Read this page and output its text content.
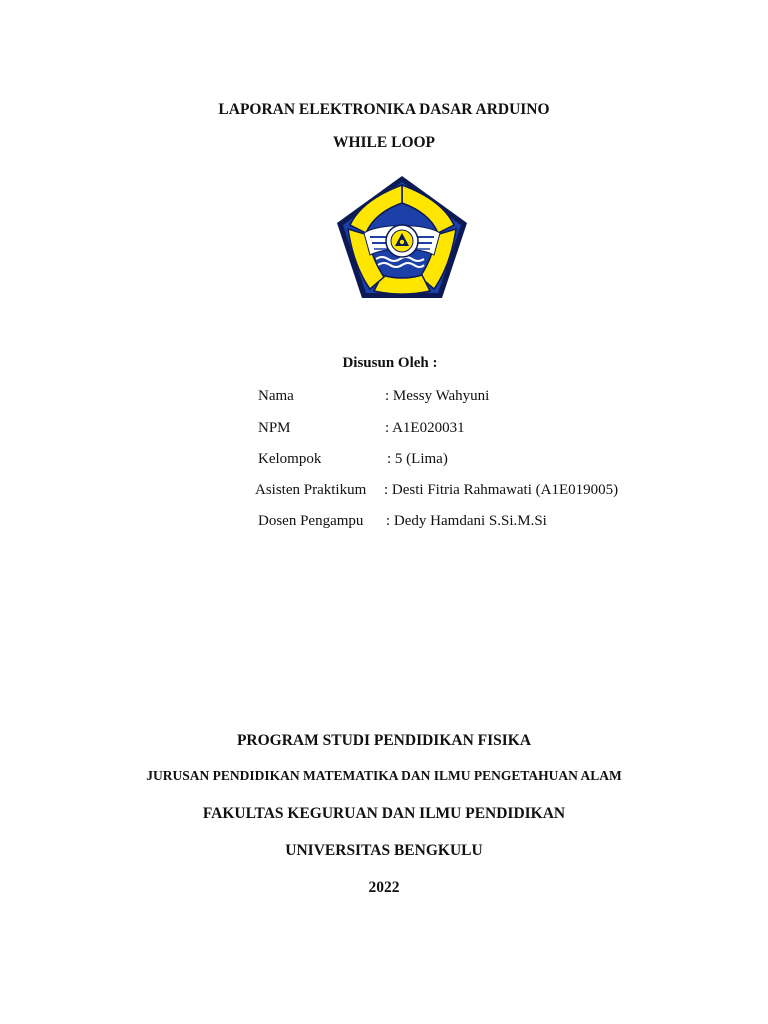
LAPORAN ELEKTRONIKA DASAR ARDUINO
WHILE LOOP
Disusun Oleh :
Nama	: Messy Wahyuni
NPM	: A1E020031
Kelompok	: 5 (Lima)
Asisten Praktikum : Desti Fitria Rahmawati (A1E019005)
Dosen Pengampu : Dedy Hamdani S.Si.M.Si
PROGRAM STUDI PENDIDIKAN FISIKA
JURUSAN PENDIDIKAN MATEMATIKA DAN ILMU PENGETAHUAN ALAM
FAKULTAS KEGURUAN DAN ILMU PENDIDIKAN
UNIVERSITAS BENGKULU
2022
